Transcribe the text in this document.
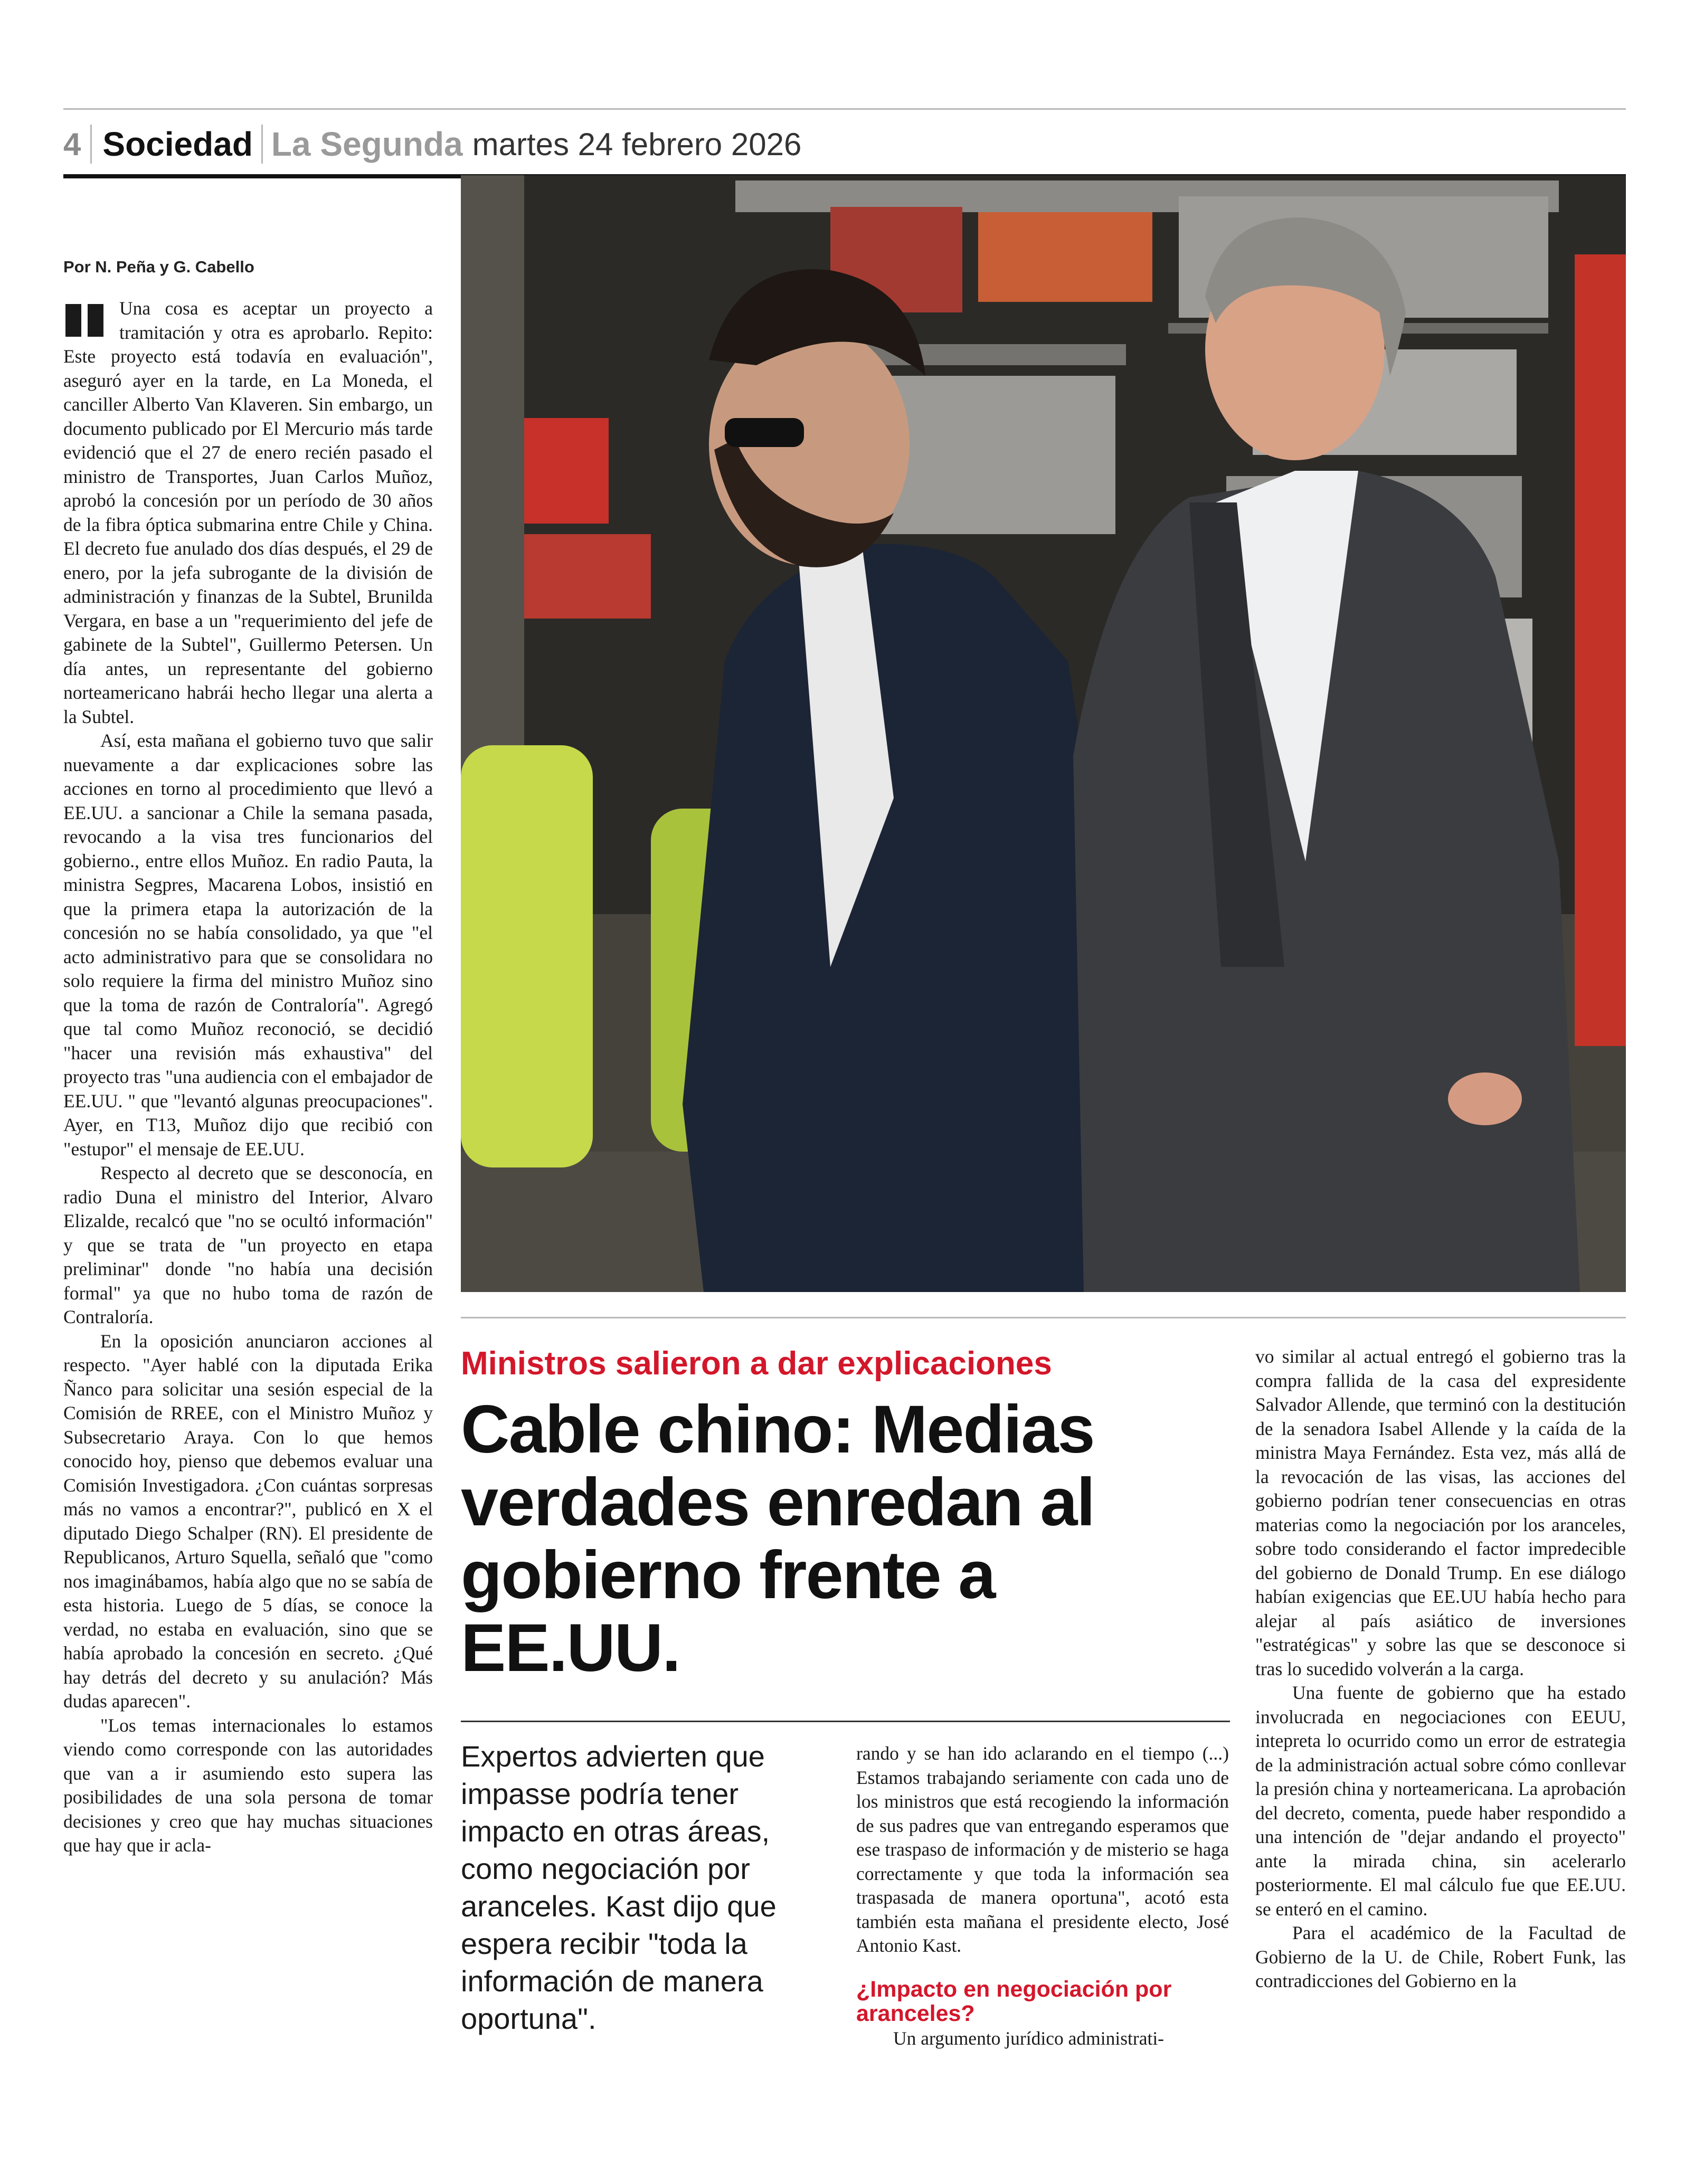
4 Sociedad La Segunda martes 24 febrero 2026
Por N. Peña y G. Cabello
Una cosa es aceptar un proyecto a tramitación y otra es aprobarlo. Repito: Este proyecto está todavía en evaluación", aseguró ayer en la tarde, en La Moneda, el canciller Alberto Van Klaveren. Sin embargo, un documento publicado por El Mercurio más tarde evidenció que el 27 de enero recién pasado el ministro de Transportes, Juan Carlos Muñoz, aprobó la concesión por un período de 30 años de la fibra óptica submarina entre Chile y China. El decreto fue anulado dos días después, el 29 de enero, por la jefa subrogante de la división de administración y finanzas de la Subtel, Brunilda Vergara, en base a un "requerimiento del jefe de gabinete de la Subtel", Guillermo Petersen. Un día antes, un representante del gobierno norteamericano habrái hecho llegar una alerta a la Subtel.
Así, esta mañana el gobierno tuvo que salir nuevamente a dar explicaciones sobre las acciones en torno al procedimiento que llevó a EE.UU. a sancionar a Chile la semana pasada, revocando a la visa tres funcionarios del gobierno., entre ellos Muñoz. En radio Pauta, la ministra Segpres, Macarena Lobos, insistió en que la primera etapa la autorización de la concesión no se había consolidado, ya que "el acto administrativo para que se consolidara no solo requiere la firma del ministro Muñoz sino que la toma de razón de Contraloría". Agregó que tal como Muñoz reconoció, se decidió "hacer una revisión más exhaustiva" del proyecto tras "una audiencia con el embajador de EE.UU. " que "levantó algunas preocupaciones". Ayer, en T13, Muñoz dijo que recibió con "estupor" el mensaje de EE.UU.
Respecto al decreto que se desconocía, en radio Duna el ministro del Interior, Alvaro Elizalde, recalcó que "no se ocultó información" y que se trata de "un proyecto en etapa preliminar" donde "no había una decisión formal" ya que no hubo toma de razón de Contraloría.
En la oposición anunciaron acciones al respecto. "Ayer hablé con la diputada Erika Ñanco para solicitar una sesión especial de la Comisión de RREE, con el Ministro Muñoz y Subsecretario Araya. Con lo que hemos conocido hoy, pienso que debemos evaluar una Comisión Investigadora. ¿Con cuántas sorpresas más no vamos a encontrar?", publicó en X el diputado Diego Schalper (RN). El presidente de Republicanos, Arturo Squella, señaló que "como nos imaginábamos, había algo que no se sabía de esta historia. Luego de 5 días, se conoce la verdad, no estaba en evaluación, sino que se había aprobado la concesión en secreto. ¿Qué hay detrás del decreto y su anulación? Más dudas aparecen".
"Los temas internacionales lo estamos viendo como corresponde con las autoridades que van a ir asumiendo esto supera las posibilidades de una sola persona de tomar decisiones y creo que hay muchas situaciones que hay que ir acla-
Ministros salieron a dar explicaciones
Cable chino: Medias verdades enredan al gobierno frente a EE.UU.

Expertos advierten que impasse podría tener impacto en otras áreas, como negociación por aranceles. Kast dijo que espera recibir "toda la información de manera oportuna".

rando y se han ido aclarando en el tiempo (...) Estamos trabajando seriamente con cada uno de los ministros que está recogiendo la información de sus padres que van entregando esperamos que ese traspaso de información y de misterio se haga correctamente y que toda la información sea traspasada de manera oportuna", acotó esta también esta mañana el presidente electo, José Antonio Kast.
¿Impacto en negociación por aranceles?
Un argumento jurídico administrati-
vo similar al actual entregó el gobierno tras la compra fallida de la casa del expresidente Salvador Allende, que terminó con la destitución de la senadora Isabel Allende y la caída de la ministra Maya Fernández. Esta vez, más allá de la revocación de las visas, las acciones del gobierno podrían tener consecuencias en otras materias como la negociación por los aranceles, sobre todo considerando el factor impredecible del gobierno de Donald Trump. En ese diálogo habían exigencias que EE.UU había hecho para alejar al país asiático de inversiones "estratégicas" y sobre las que se desconoce si tras lo sucedido volverán a la carga.
Una fuente de gobierno que ha estado involucrada en negociaciones con EEUU, intepreta lo ocurrido como un error de estrategia de la administración actual sobre cómo conllevar la presión china y norteamericana. La aprobación del decreto, comenta, puede haber respondido a una intención de "dejar andando el proyecto" ante la mirada china, sin acelerarlo posteriormente. El mal cálculo fue que EE.UU. se enteró en el camino.
Para el académico de la Facultad de Gobierno de la U. de Chile, Robert Funk, las contradicciones del Gobierno en la
